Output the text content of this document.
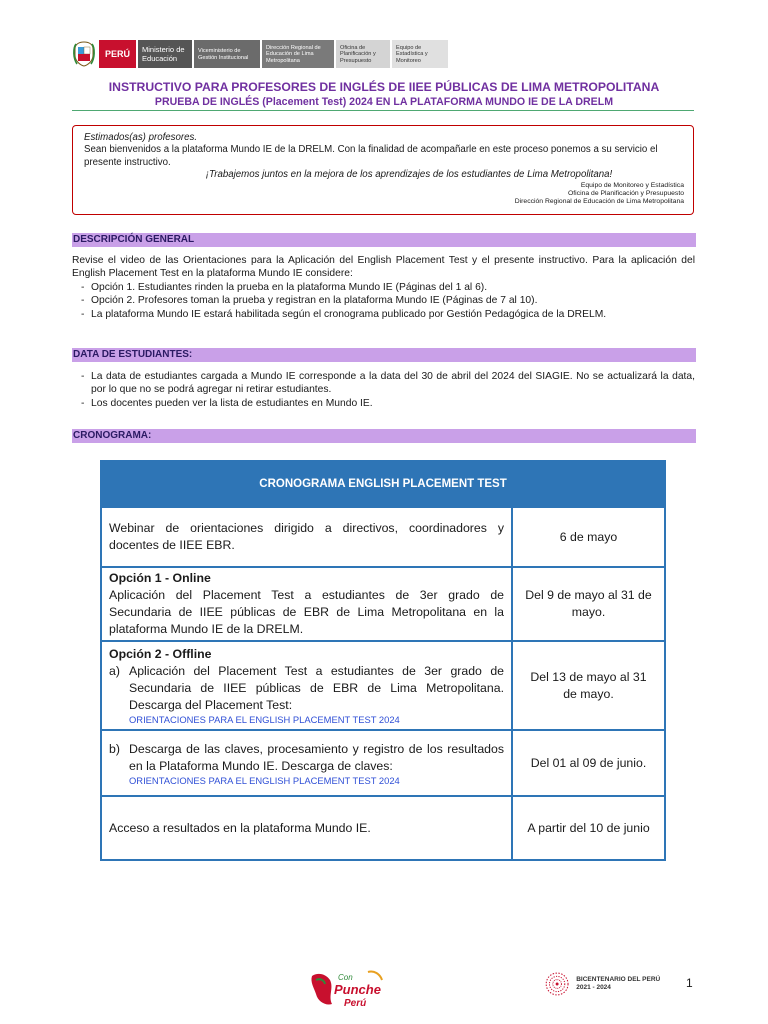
PERÚ	Ministerio de Educación
Viceministerio de Gestión Institucional
Dirección Regional de Educación de Lima Metropolitana
Oficina de Planificación y Presupuesto
Equipo de Estadística y Monitoreo
INSTRUCTIVO PARA PROFESORES DE INGLÉS DE IIEE PÚBLICAS DE LIMA METROPOLITANA
PRUEBA DE INGLÉS (Placement Test) 2024 EN LA PLATAFORMA MUNDO IE DE LA DRELM
Estimados(as) profesores.
Sean bienvenidos a la plataforma Mundo IE de la DRELM. Con la finalidad de acompañarle en este proceso ponemos a su servicio el presente instructivo.
¡Trabajemos juntos en la mejora de los aprendizajes de los estudiantes de Lima Metropolitana!
Equipo de Monitoreo y Estadística
Oficina de Planificación y Presupuesto
Dirección Regional de Educación de Lima Metropolitana
DESCRIPCIÓN GENERAL
Revise el video de las Orientaciones para la Aplicación del English Placement Test y el presente instructivo. Para la aplicación del English Placement Test en la plataforma Mundo IE considere:
- Opción 1. Estudiantes rinden la prueba en la plataforma Mundo IE (Páginas del 1 al 6).
- Opción 2. Profesores toman la prueba y registran en la plataforma Mundo IE (Páginas de 7 al 10).
- La plataforma Mundo IE estará habilitada según el cronograma publicado por Gestión Pedagógica de la DRELM.
DATA DE ESTUDIANTES:
- La data de estudiantes cargada a Mundo IE corresponde a la data del 30 de abril del 2024 del SIAGIE. No se actualizará la data, por lo que no se podrá agregar ni retirar estudiantes.
- Los docentes pueden ver la lista de estudiantes en Mundo IE.
CRONOGRAMA:
CRONOGRAMA ENGLISH PLACEMENT TEST	
Webinar de orientaciones dirigido a directivos, coordinadores y docentes de IIEE EBR.	6 de mayo
Opción 1 - Online
Aplicación del Placement Test a estudiantes de 3er grado de Secundaria de IIEE públicas de EBR de Lima Metropolitana en la plataforma Mundo IE de la DRELM.	Del 9 de mayo al 31 de mayo.
Opción 2 - Offline
a) Aplicación del Placement Test a estudiantes de 3er grado de Secundaria de IIEE públicas de EBR de Lima Metropolitana. Descarga del Placement Test:
ORIENTACIONES PARA EL ENGLISH PLACEMENT TEST 2024	Del 13 de mayo al 31 de mayo.

b) Descarga de las claves, procesamiento y registro de los resultados en la Plataforma Mundo IE. Descarga de claves:
ORIENTACIONES PARA EL ENGLISH PLACEMENT TEST 2024	Del 01 al 09 de junio.
Acceso a resultados en la plataforma Mundo IE.	A partir del 10 de junio
Con
Punche
Perú
BICENTENARIO DEL PERÚ 2021 - 2024	1
